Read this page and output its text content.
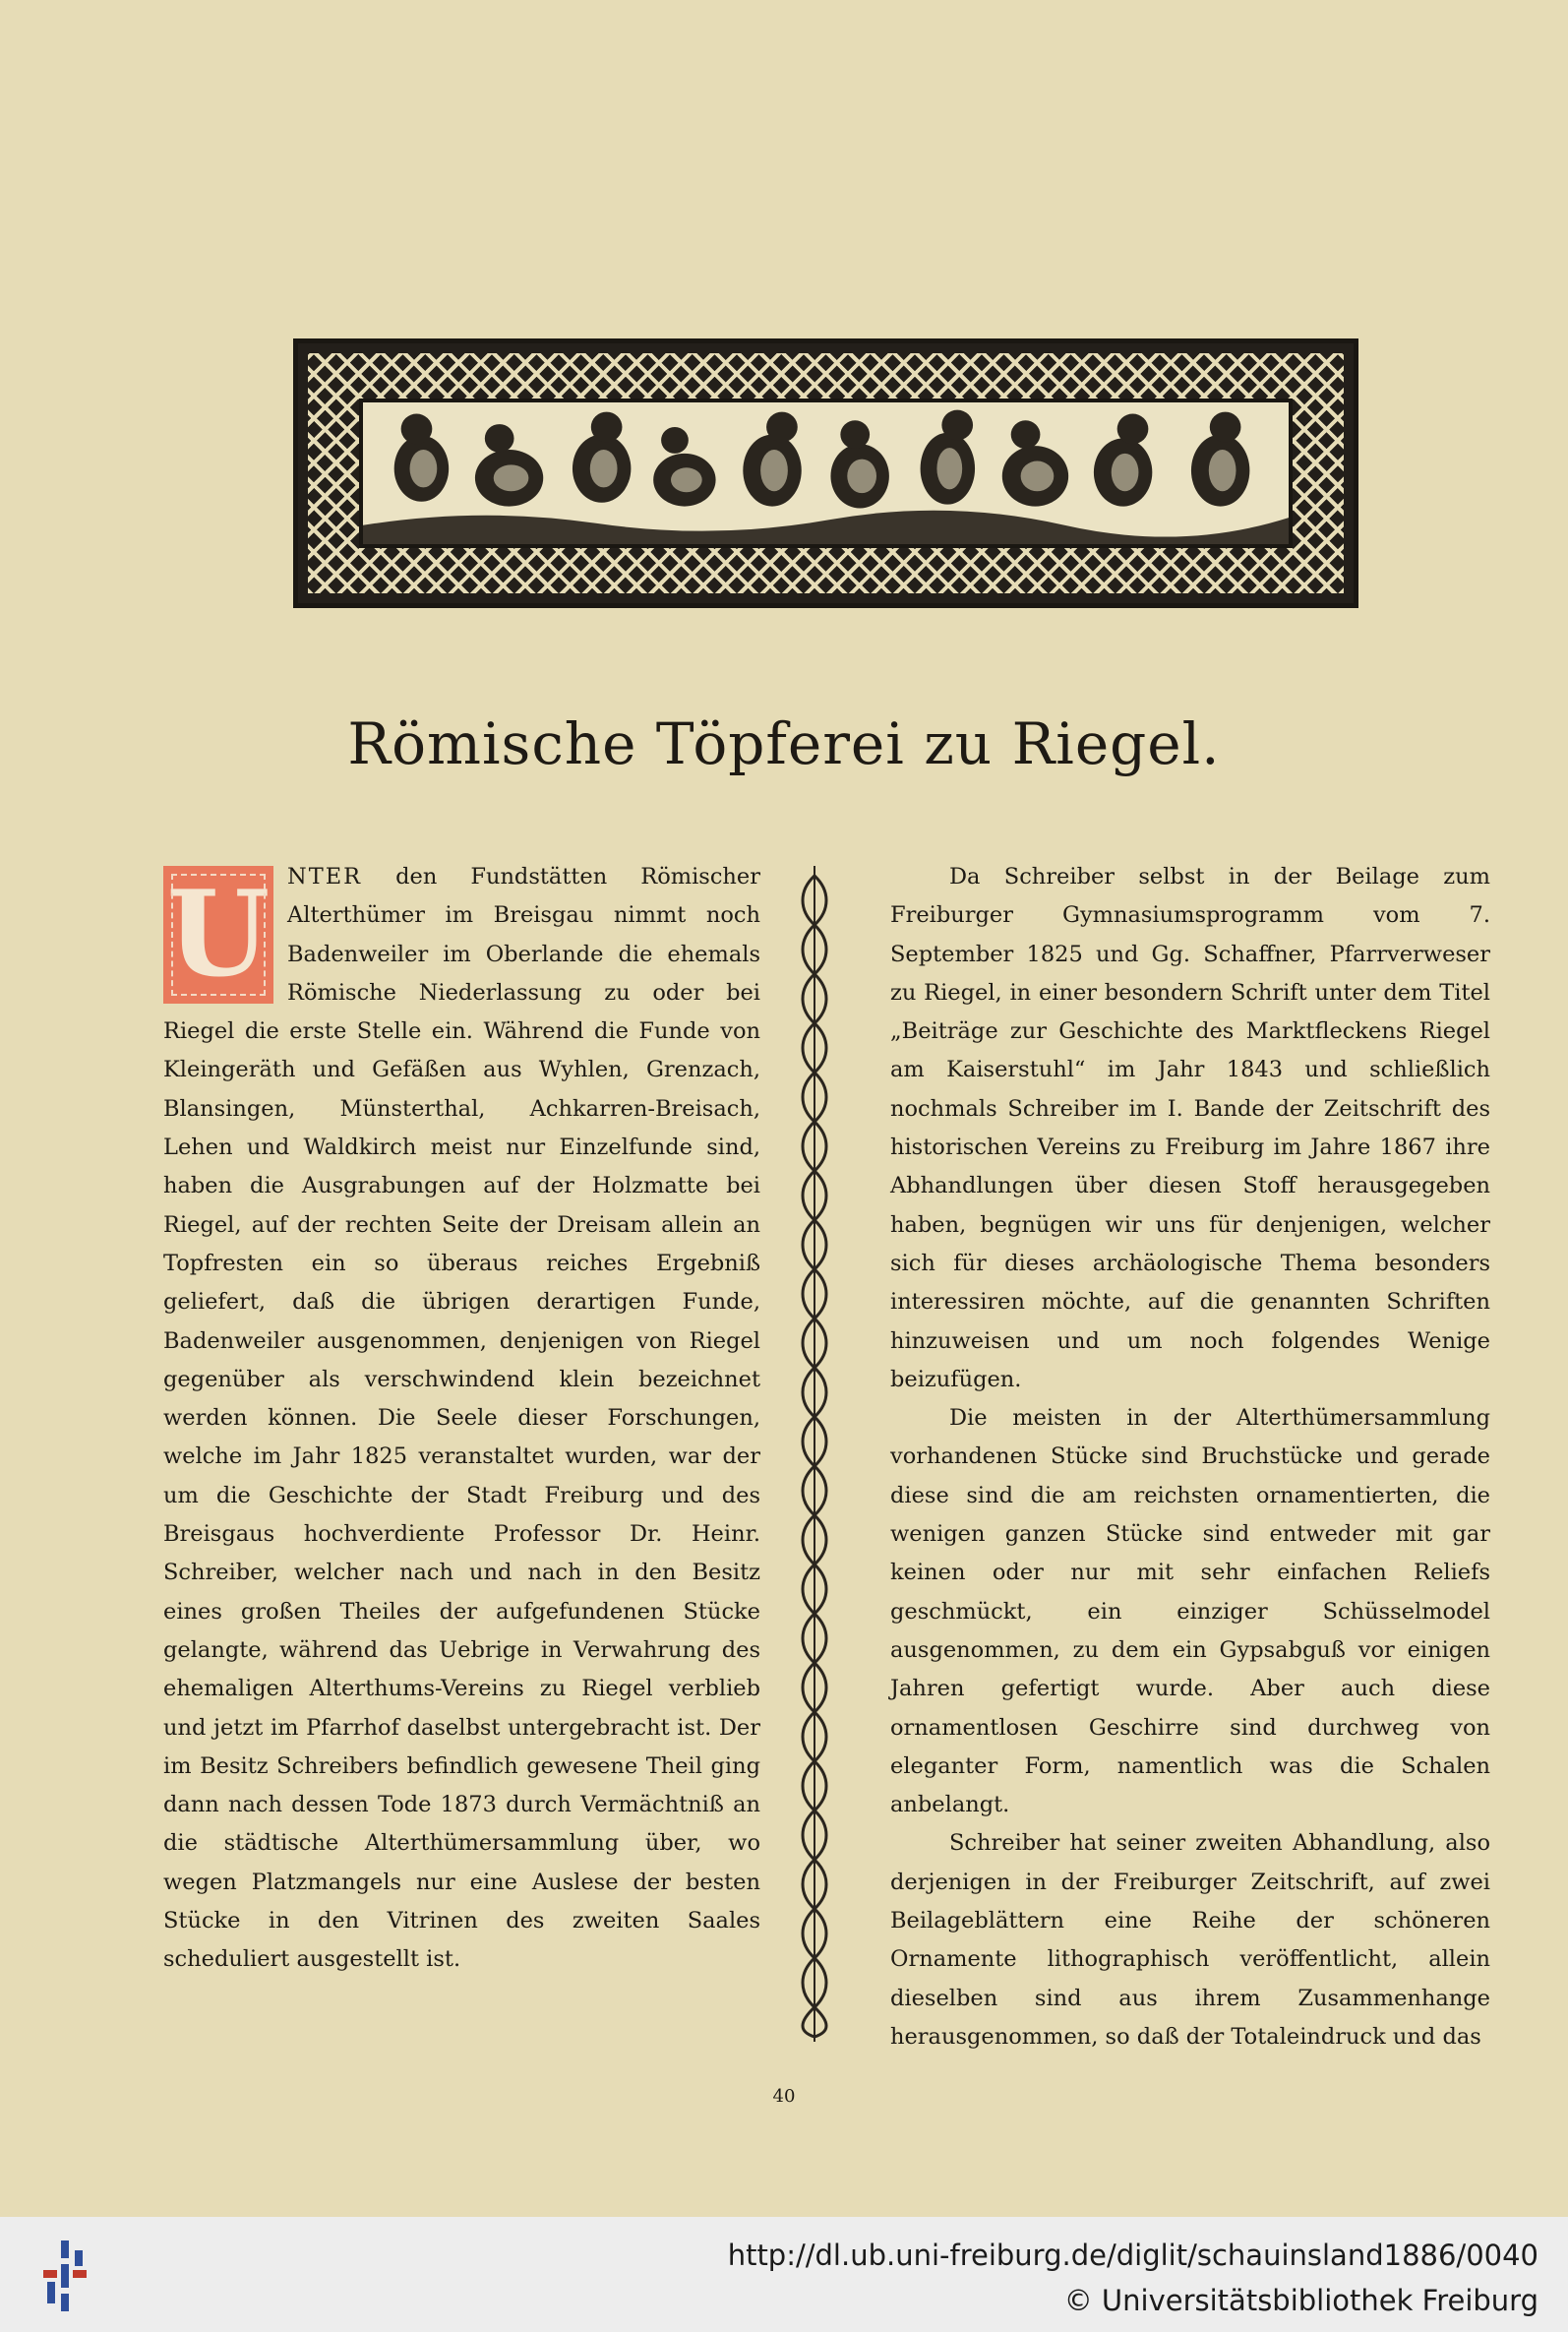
Römische Töpferei zu Riegel.

U NTER den Fundstätten Römischer Alterthümer im Breisgau nimmt noch Badenweiler im Oberlande die ehemals Römische Niederlassung zu oder bei Riegel die erste Stelle ein. Während die Funde von Kleingeräth und Gefäßen aus Wyhlen, Grenzach, Blansingen, Münsterthal, Achkarren-Breisach, Lehen und Waldkirch meist nur Einzelfunde sind, haben die Ausgrabungen auf der Holzmatte bei Riegel, auf der rechten Seite der Dreisam allein an Topfresten ein so überaus reiches Ergebniß geliefert, daß die übrigen derartigen Funde, Badenweiler ausgenommen, denjenigen von Riegel gegenüber als verschwindend klein bezeichnet werden können. Die Seele dieser Forschungen, welche im Jahr 1825 veranstaltet wurden, war der um die Geschichte der Stadt Freiburg und des Breisgaus hochverdiente Professor Dr. Heinr. Schreiber, welcher nach und nach in den Besitz eines großen Theiles der aufgefundenen Stücke gelangte, während das Uebrige in Verwahrung des ehemaligen Alterthums-Vereins zu Riegel verblieb und jetzt im Pfarrhof daselbst untergebracht ist. Der im Besitz Schreibers befindlich gewesene Theil ging dann nach dessen Tode 1873 durch Vermächtniß an die städtische Alterthümersammlung über, wo wegen Platzmangels nur eine Auslese der besten Stücke in den Vitrinen des zweiten Saales scheduliert ausgestellt ist.

Da Schreiber selbst in der Beilage zum Freiburger Gymnasiumsprogramm vom 7. September 1825 und Gg. Schaffner, Pfarrverweser zu Riegel, in einer besondern Schrift unter dem Titel „Beiträge zur Geschichte des Marktfleckens Riegel am Kaiserstuhl“ im Jahr 1843 und schließlich nochmals Schreiber im I. Bande der Zeitschrift des historischen Vereins zu Freiburg im Jahre 1867 ihre Abhandlungen über diesen Stoff herausgegeben haben, begnügen wir uns für denjenigen, welcher sich für dieses archäologische Thema besonders interessiren möchte, auf die genannten Schriften hinzuweisen und um noch folgendes Wenige beizufügen.

Die meisten in der Alterthümersammlung vorhandenen Stücke sind Bruchstücke und gerade diese sind die am reichsten ornamentierten, die wenigen ganzen Stücke sind entweder mit gar keinen oder nur mit sehr einfachen Reliefs geschmückt, ein einziger Schüsselmodel ausgenommen, zu dem ein Gypsabguß vor einigen Jahren gefertigt wurde. Aber auch diese ornamentlosen Geschirre sind durchweg von eleganter Form, namentlich was die Schalen anbelangt.

Schreiber hat seiner zweiten Abhandlung, also derjenigen in der Freiburger Zeitschrift, auf zwei Beilageblättern eine Reihe der schöneren Ornamente lithographisch veröffentlicht, allein dieselben sind aus ihrem Zusammenhange herausgenommen, so daß der Totaleindruck und das

40
http://dl.ub.uni-freiburg.de/diglit/schauinsland1886/0040
© Universitätsbibliothek Freiburg
